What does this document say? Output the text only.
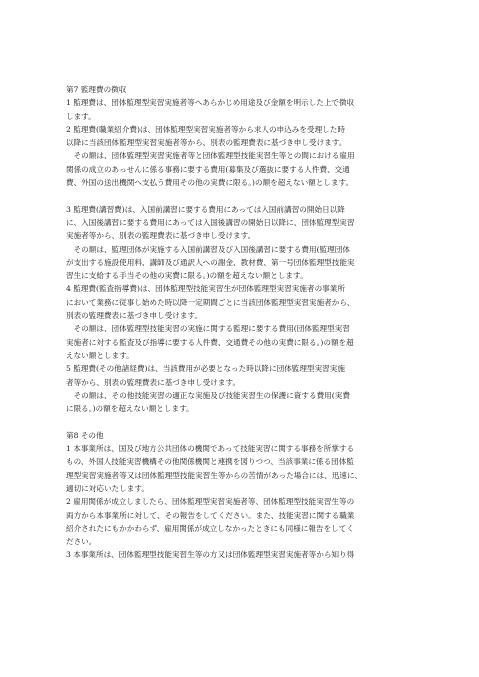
第7 監理費の徴収
1 監理費は、団体監理型実習実施者等へあらかじめ用途及び金額を明示した上で徴収
します。
2 監理費(職業紹介費)は、団体監理型実習実施者等から求人の申込みを受理した時
以降に当該団体監理型実習実施者等から、別表の監理費表に基づき申し受けます。
　その額は、団体監理型実習実施者等と団体監理型技能実習生等との間における雇用
関係の成立のあっせんに係る事務に要する費用(募集及び選抜に要する人件費、交通
費、外国の送出機関へ支払う費用その他の実費に限る。)の額を超えない額とします。
3 監理費(講習費)は、入国前講習に要する費用にあっては入国前講習の開始日以降
に、入国後講習に要する費用にあっては入国後講習の開始日以降に、団体監理型実習
実施者等から、別表の監理費表に基づき申し受けます。
　その額は、監理団体が実施する入国前講習及び入国後講習に要する費用(監理団体
が支出する施設使用料、講師及び通訳人への謝金、教材費、第一号団体監理型技能実
習生に支給する手当その他の実費に限る。)の額を超えない額とします。
4 監理費(監査指導費)は、団体監理型技能実習生が団体監理型実習実施者の事業所
において業務に従事し始めた時以降一定期間ごとに当該団体監理型実習実施者から、
別表の監理費表に基づき申し受けます。
　その額は、団体監理型技能実習の実施に関する監理に要する費用(団体監理型実習
実施者に対する監査及び指導に要する人件費、交通費その他の実費に限る。)の額を超
えない額とします。
5 監理費(その他諸経費)は、当該費用が必要となった時以降に団体監理型実習実施
者等から、別表の監理費表に基づき申し受けます。
　その額は、その他技能実習の適正な実施及び技能実習生の保護に資する費用(実費
に限る。)の額を超えない額とします。
第8 その他
1 本事業所は、国及び地方公共団体の機関であって技能実習に関する事務を所掌する
もの、外国人技能実習機構その他関係機関と連携を図りつつ、当該事業に係る団体監
理型実習実施者等又は団体監理型技能実習生等からの苦情があった場合には、迅速に、
適切に対応いたします。
2 雇用関係が成立しましたら、団体監理型実習実施者等、団体監理型技能実習生等の
両方から本事業所に対して、その報告をしてください。また、技能実習に関する職業
紹介されたにもかかわらず、雇用関係が成立しなかったときにも同様に報告をしてく
ださい。
3 本事業所は、団体監理型技能実習生等の方又は団体監理型実習実施者等から知り得
